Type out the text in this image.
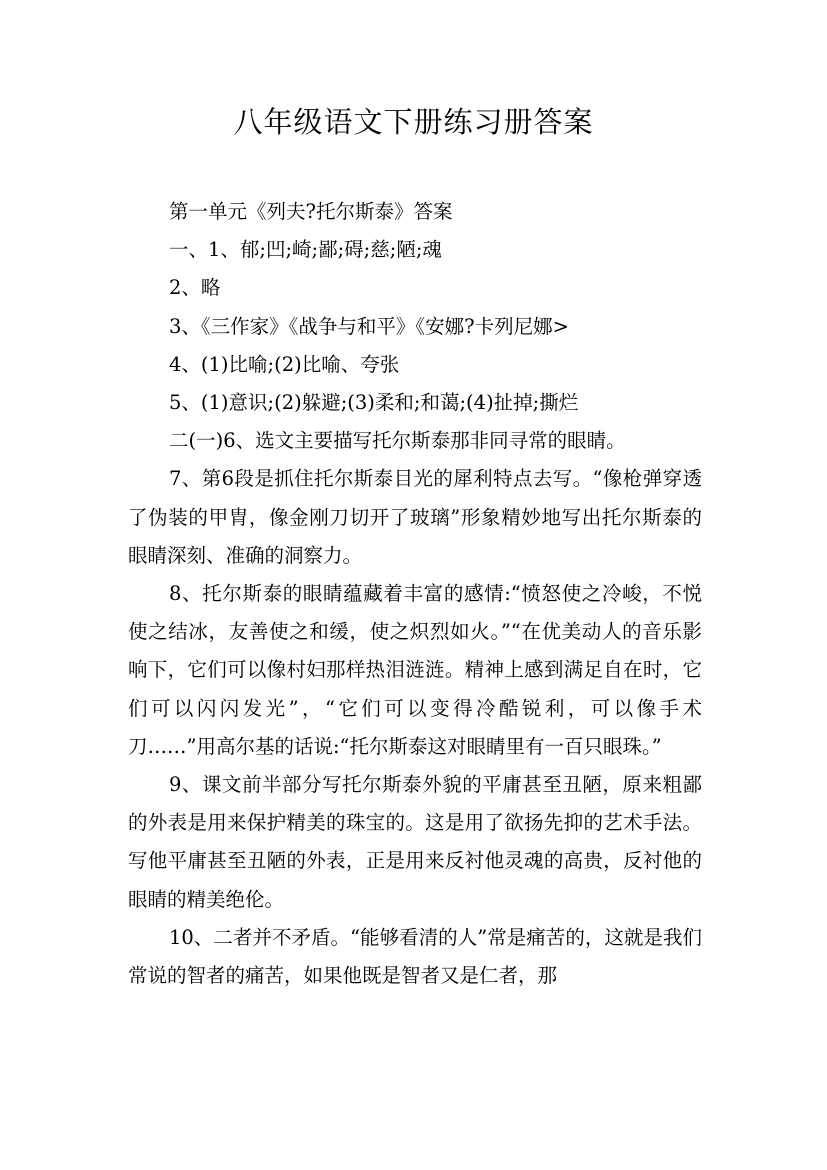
八年级语文下册练习册答案

第一单元《列夫?托尔斯泰》答案

一、1、郁;凹;崎;鄙;碍;慈;陋;魂

2、略

3、《三作家》《战争与和平》《安娜?卡列尼娜>

4、(1)比喻;(2)比喻、夸张

5、(1)意识;(2)躲避;(3)柔和;和蔼;(4)扯掉;撕烂

二(一)6、选文主要描写托尔斯泰那非同寻常的眼睛。

7、第6段是抓住托尔斯泰目光的犀利特点去写。“像枪弹穿透了伪装的甲胄，像金刚刀切开了玻璃”形象精妙地写出托尔斯泰的眼睛深刻、准确的洞察力。

8、托尔斯泰的眼睛蕴藏着丰富的感情:“愤怒使之冷峻，不悦使之结冰，友善使之和缓，使之炽烈如火。”“在优美动人的音乐影响下，它们可以像村妇那样热泪涟涟。精神上感到满足自在时，它们可以闪闪发光”，“它们可以变得冷酷锐利，可以像手术刀……”用高尔基的话说:“托尔斯泰这对眼睛里有一百只眼珠。”

9、课文前半部分写托尔斯泰外貌的平庸甚至丑陋，原来粗鄙的外表是用来保护精美的珠宝的。这是用了欲扬先抑的艺术手法。写他平庸甚至丑陋的外表，正是用来反衬他灵魂的高贵，反衬他的眼睛的精美绝伦。

10、二者并不矛盾。“能够看清的人”常是痛苦的，这就是我们常说的智者的痛苦，如果他既是智者又是仁者，那
